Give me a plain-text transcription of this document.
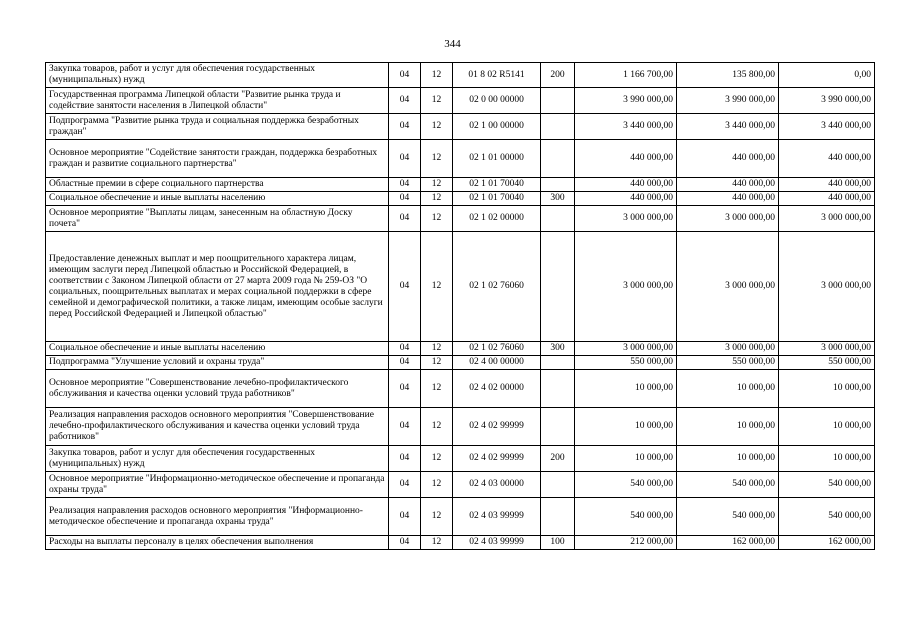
344
Закупка товаров, работ и услуг для обеспечения государственных (муниципальных) нужд	04	12	01 8 02 R5141	200	1 166 700,00	135 800,00	0,00
Государственная программа Липецкой области "Развитие рынка труда и содействие занятости населения в Липецкой области"	04	12	02 0 00 00000		3 990 000,00	3 990 000,00	3 990 000,00
Подпрограмма "Развитие рынка труда и социальная поддержка безработных граждан"	04	12	02 1 00 00000		3 440 000,00	3 440 000,00	3 440 000,00
Основное мероприятие "Содействие занятости граждан, поддержка безработных граждан и развитие социального партнерства"	04	12	02 1 01 00000		440 000,00	440 000,00	440 000,00
Областные премии в сфере социального партнерства	04	12	02 1 01 70040		440 000,00	440 000,00	440 000,00
Социальное обеспечение и иные выплаты населению	04	12	02 1 01 70040	300	440 000,00	440 000,00	440 000,00
Основное мероприятие "Выплаты лицам, занесенным на областную Доску почета"	04	12	02 1 02 00000		3 000 000,00	3 000 000,00	3 000 000,00
Предоставление денежных выплат и мер поощрительного характера лицам, имеющим заслуги перед Липецкой областью и Российской Федерацией, в соответствии с Законом Липецкой области от 27 марта 2009 года № 259-ОЗ "О социальных, поощрительных выплатах и мерах социальной поддержки в сфере семейной и демографической политики, а также лицам, имеющим особые заслуги перед Российской Федерацией и Липецкой областью"	04	12	02 1 02 76060		3 000 000,00	3 000 000,00	3 000 000,00
Социальное обеспечение и иные выплаты населению	04	12	02 1 02 76060	300	3 000 000,00	3 000 000,00	3 000 000,00
Подпрограмма "Улучшение условий и охраны труда"	04	12	02 4 00 00000		550 000,00	550 000,00	550 000,00
Основное мероприятие "Совершенствование лечебно-профилактического обслуживания и качества оценки условий труда работников"	04	12	02 4 02 00000		10 000,00	10 000,00	10 000,00
Реализация направления расходов основного мероприятия "Совершенствование лечебно-профилактического обслуживания и качества оценки условий труда работников"	04	12	02 4 02 99999		10 000,00	10 000,00	10 000,00
Закупка товаров, работ и услуг для обеспечения государственных (муниципальных) нужд	04	12	02 4 02 99999	200	10 000,00	10 000,00	10 000,00
Основное мероприятие "Информационно-методическое обеспечение и пропаганда охраны труда"	04	12	02 4 03 00000		540 000,00	540 000,00	540 000,00
Реализация направления расходов основного мероприятия "Информационно-методическое обеспечение и пропаганда охраны труда"	04	12	02 4 03 99999		540 000,00	540 000,00	540 000,00
Расходы на выплаты персоналу в целях обеспечения выполнения	04	12	02 4 03 99999	100	212 000,00	162 000,00	162 000,00
